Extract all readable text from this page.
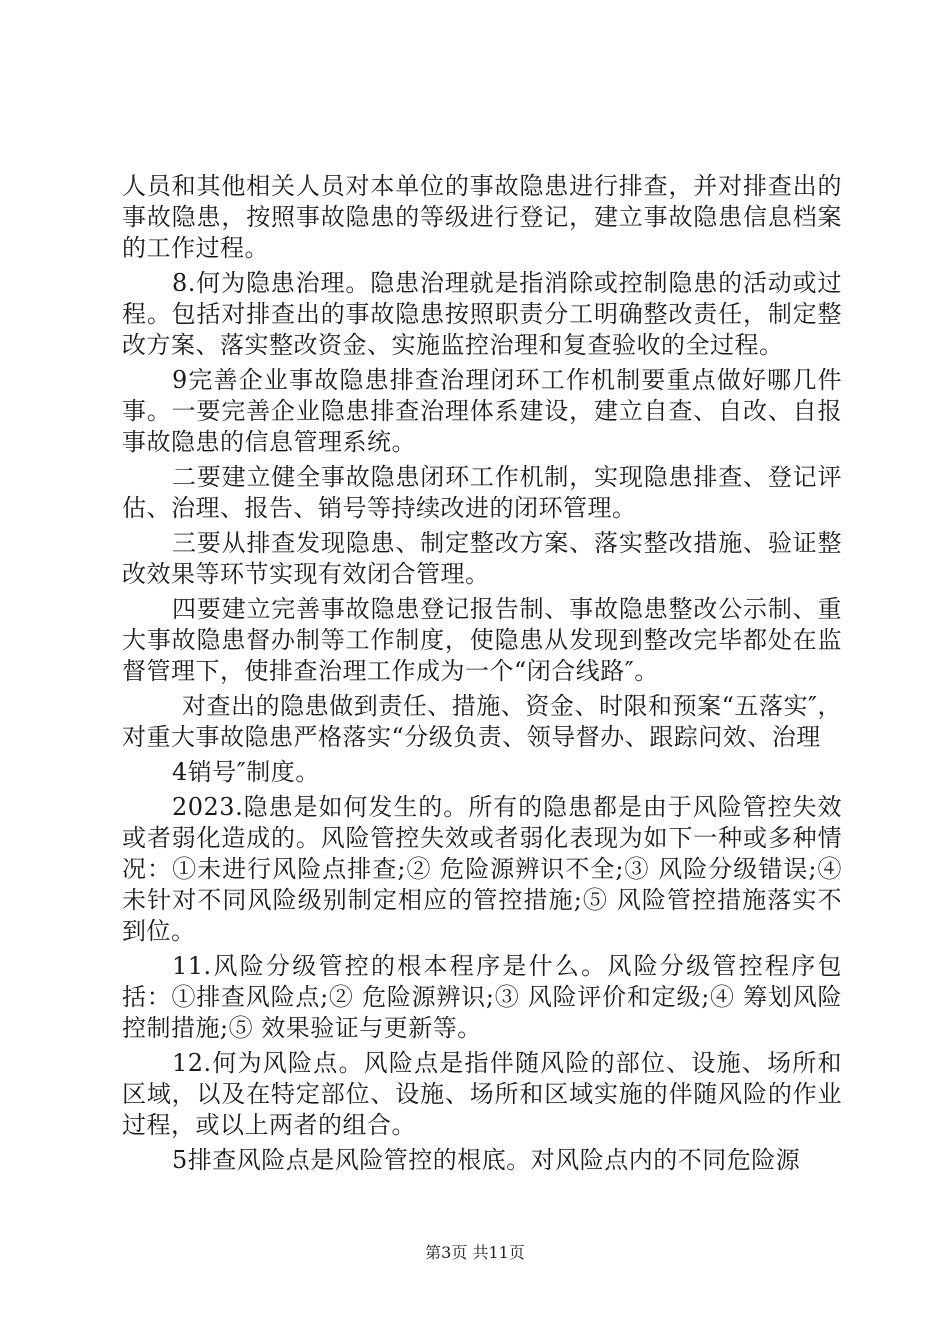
人员和其他相关人员对本单位的事故隐患进行排查，并对排查出的事故隐患，按照事故隐患的等级进行登记，建立事故隐患信息档案的工作过程。

8.何为隐患治理。隐患治理就是指消除或控制隐患的活动或过程。包括对排查出的事故隐患按照职责分工明确整改责任，制定整改方案、落实整改资金、实施监控治理和复查验收的全过程。

9完善企业事故隐患排查治理闭环工作机制要重点做好哪几件事。一要完善企业隐患排查治理体系建设，建立自查、自改、自报事故隐患的信息管理系统。

二要建立健全事故隐患闭环工作机制，实现隐患排查、登记评估、治理、报告、销号等持续改进的闭环管理。

三要从排查发现隐患、制定整改方案、落实整改措施、验证整改效果等环节实现有效闭合管理。

四要建立完善事故隐患登记报告制、事故隐患整改公示制、重大事故隐患督办制等工作制度，使隐患从发现到整改完毕都处在监督管理下，使排查治理工作成为一个“闭合线路″。

对查出的隐患做到责任、措施、资金、时限和预案“五落实″，对重大事故隐患严格落实“分级负责、领导督办、跟踪问效、治理

4销号″制度。

2023.隐患是如何发生的。所有的隐患都是由于风险管控失效或者弱化造成的。风险管控失效或者弱化表现为如下一种或多种情况：①未进行风险点排查;② 危险源辨识不全;③ 风险分级错误;④ 未针对不同风险级别制定相应的管控措施;⑤ 风险管控措施落实不到位。

11.风险分级管控的根本程序是什么。风险分级管控程序包括：①排查风险点;② 危险源辨识;③ 风险评价和定级;④ 筹划风险控制措施;⑤ 效果验证与更新等。

12.何为风险点。风险点是指伴随风险的部位、设施、场所和区域，以及在特定部位、设施、场所和区域实施的伴随风险的作业过程，或以上两者的组合。

5排查风险点是风险管控的根底。对风险点内的不同危险源

第3页 共11页
